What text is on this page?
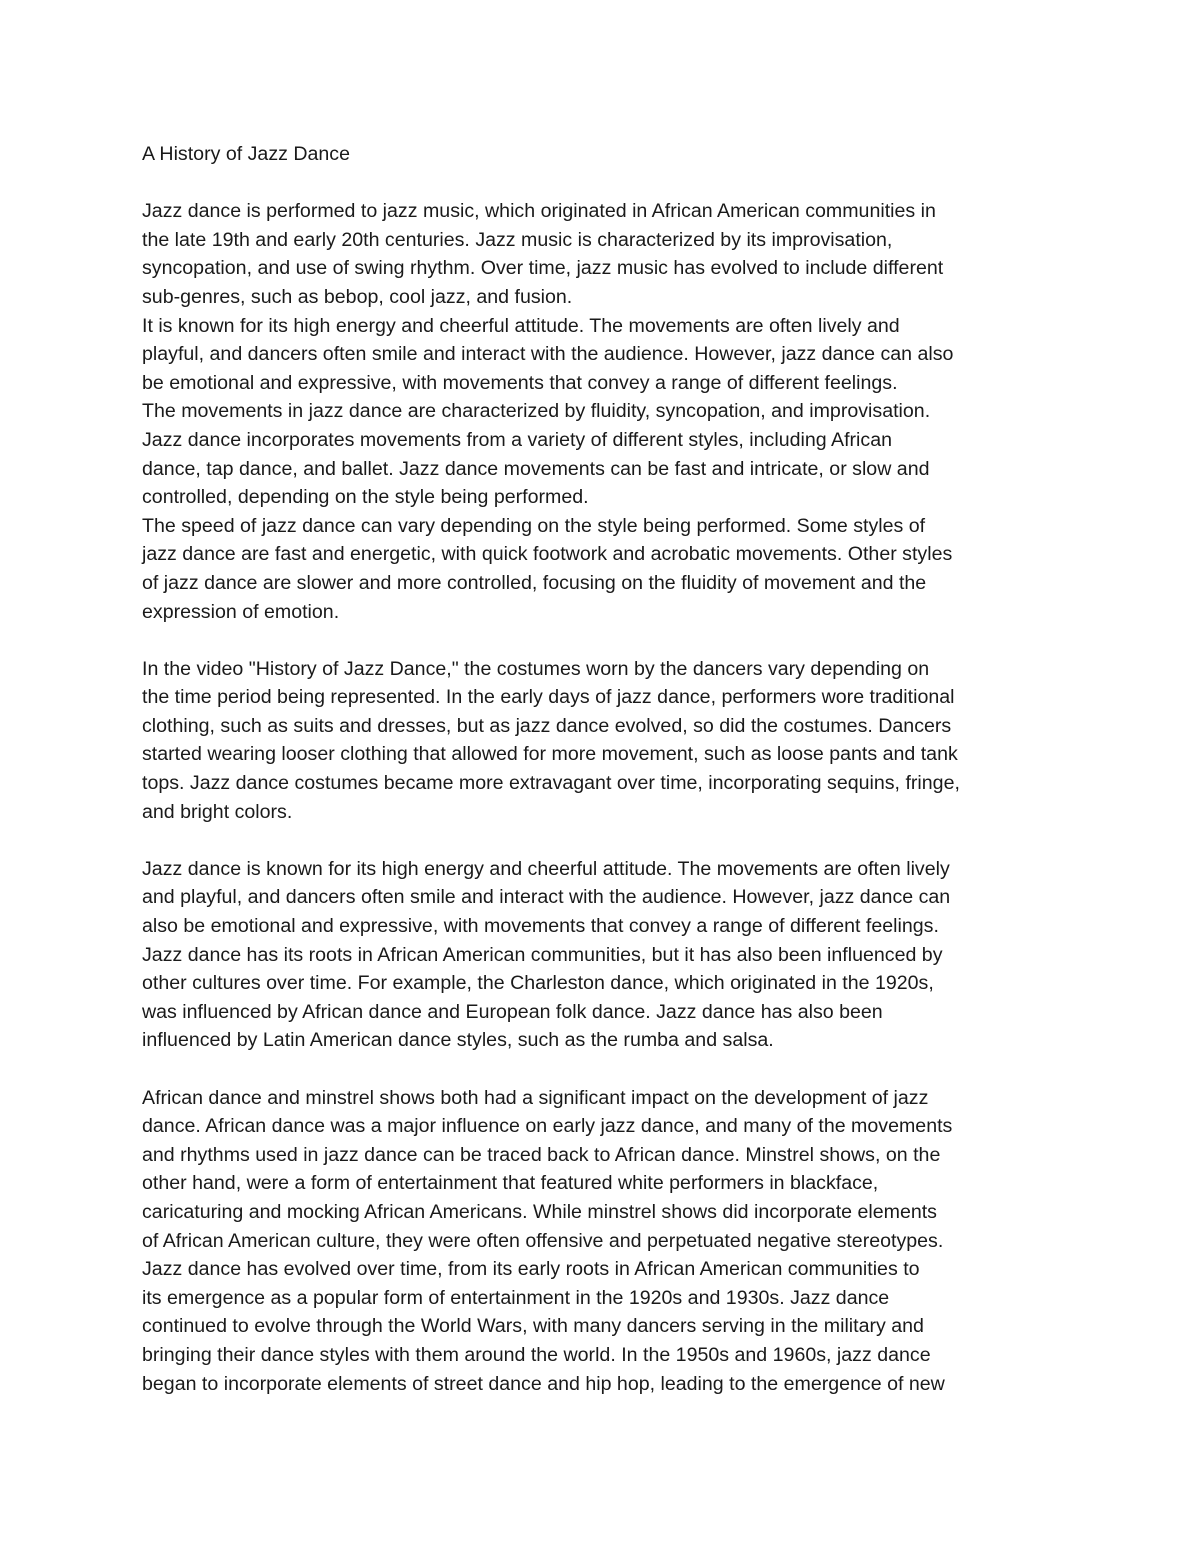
A History of Jazz Dance
Jazz dance is performed to jazz music, which originated in African American communities in
the late 19th and early 20th centuries. Jazz music is characterized by its improvisation,
syncopation, and use of swing rhythm. Over time, jazz music has evolved to include different
sub-genres, such as bebop, cool jazz, and fusion.
It is known for its high energy and cheerful attitude. The movements are often lively and
playful, and dancers often smile and interact with the audience. However, jazz dance can also
be emotional and expressive, with movements that convey a range of different feelings.
The movements in jazz dance are characterized by fluidity, syncopation, and improvisation.
Jazz dance incorporates movements from a variety of different styles, including African
dance, tap dance, and ballet. Jazz dance movements can be fast and intricate, or slow and
controlled, depending on the style being performed.
The speed of jazz dance can vary depending on the style being performed. Some styles of
jazz dance are fast and energetic, with quick footwork and acrobatic movements. Other styles
of jazz dance are slower and more controlled, focusing on the fluidity of movement and the
expression of emotion.
In the video "History of Jazz Dance," the costumes worn by the dancers vary depending on
the time period being represented. In the early days of jazz dance, performers wore traditional
clothing, such as suits and dresses, but as jazz dance evolved, so did the costumes. Dancers
started wearing looser clothing that allowed for more movement, such as loose pants and tank
tops. Jazz dance costumes became more extravagant over time, incorporating sequins, fringe,
and bright colors.
Jazz dance is known for its high energy and cheerful attitude. The movements are often lively
and playful, and dancers often smile and interact with the audience. However, jazz dance can
also be emotional and expressive, with movements that convey a range of different feelings.
Jazz dance has its roots in African American communities, but it has also been influenced by
other cultures over time. For example, the Charleston dance, which originated in the 1920s,
was influenced by African dance and European folk dance. Jazz dance has also been
influenced by Latin American dance styles, such as the rumba and salsa.
African dance and minstrel shows both had a significant impact on the development of jazz
dance. African dance was a major influence on early jazz dance, and many of the movements
and rhythms used in jazz dance can be traced back to African dance. Minstrel shows, on the
other hand, were a form of entertainment that featured white performers in blackface,
caricaturing and mocking African Americans. While minstrel shows did incorporate elements
of African American culture, they were often offensive and perpetuated negative stereotypes.
Jazz dance has evolved over time, from its early roots in African American communities to
its emergence as a popular form of entertainment in the 1920s and 1930s. Jazz dance
continued to evolve through the World Wars, with many dancers serving in the military and
bringing their dance styles with them around the world. In the 1950s and 1960s, jazz dance
began to incorporate elements of street dance and hip hop, leading to the emergence of new
